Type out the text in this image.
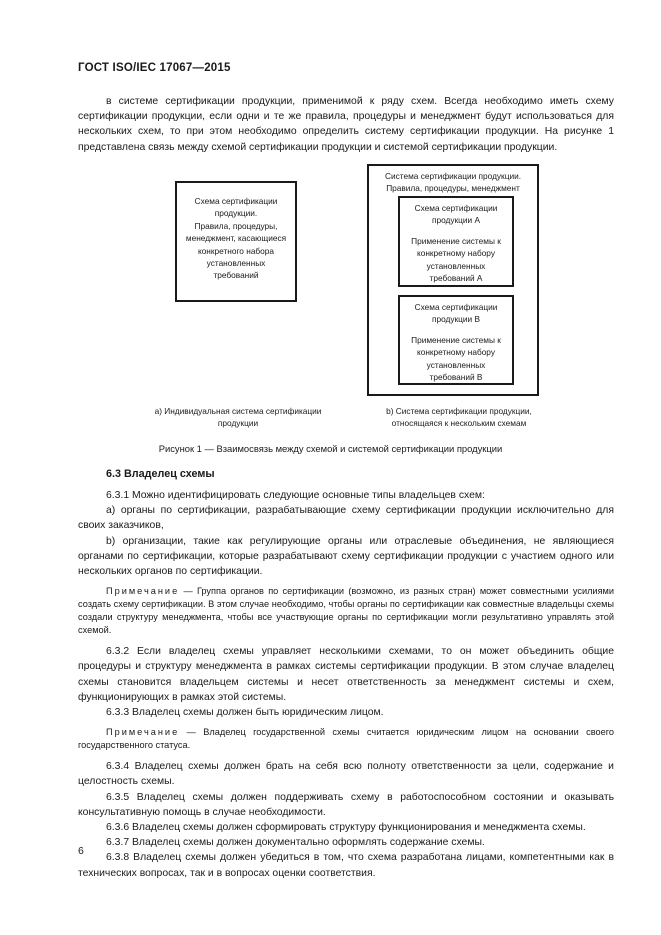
ГОСТ ISO/IEC 17067—2015

в системе сертификации продукции, применимой к ряду схем. Всегда необходимо иметь схему сертификации продукции, если одни и те же правила, процедуры и менеджмент будут использоваться для нескольких схем, то при этом необходимо определить систему сертификации продукции. На рисунке 1 представлена связь между схемой сертификации продукции и системой сертификации продукции.

Схема сертификации продукции.
Правила, процедуры, менеджмент, касающиеся конкретного набора установленных требований
Система сертификации продукции. Правила, процедуры, менеджмент
Схема сертификации продукции А
Применение системы к конкретному набору установленных требований А
Схема сертификации продукции В
Применение системы к конкретному набору установленных требований В
а) Индивидуальная система сертификации продукции
b) Система сертификации продукции, относящаяся к нескольким схемам
Рисунок 1 — Взаимосвязь между схемой и системой сертификации продукции
6.3 Владелец схемы

6.3.1 Можно идентифицировать следующие основные типы владельцев схем:

а) органы по сертификации, разрабатывающие схему сертификации продукции исключительно для своих заказчиков,

b) организации, такие как регулирующие органы или отраслевые объединения, не являющиеся органами по сертификации, которые разрабатывают схему сертификации продукции с участием одного или нескольких органов по сертификации.

Примечание — Группа органов по сертификации (возможно, из разных стран) может совместными усилиями создать схему сертификации. В этом случае необходимо, чтобы органы по сертификации как совместные владельцы схемы создали структуру менеджмента, чтобы все участвующие органы по сертификации могли результативно управлять этой схемой.

6.3.2 Если владелец схемы управляет несколькими схемами, то он может объединить общие процедуры и структуру менеджмента в рамках системы сертификации продукции. В этом случае владелец схемы становится владельцем системы и несет ответственность за менеджмент системы и схем, функционирующих в рамках этой системы.

6.3.3 Владелец схемы должен быть юридическим лицом.

Примечание — Владелец государственной схемы считается юридическим лицом на основании своего государственного статуса.

6.3.4 Владелец схемы должен брать на себя всю полноту ответственности за цели, содержание и целостность схемы.

6.3.5 Владелец схемы должен поддерживать схему в работоспособном состоянии и оказывать консультативную помощь в случае необходимости.

6.3.6 Владелец схемы должен сформировать структуру функционирования и менеджмента схемы.

6.3.7 Владелец схемы должен документально оформлять содержание схемы.

6.3.8 Владелец схемы должен убедиться в том, что схема разработана лицами, компетентными как в технических вопросах, так и в вопросах оценки соответствия.

6
